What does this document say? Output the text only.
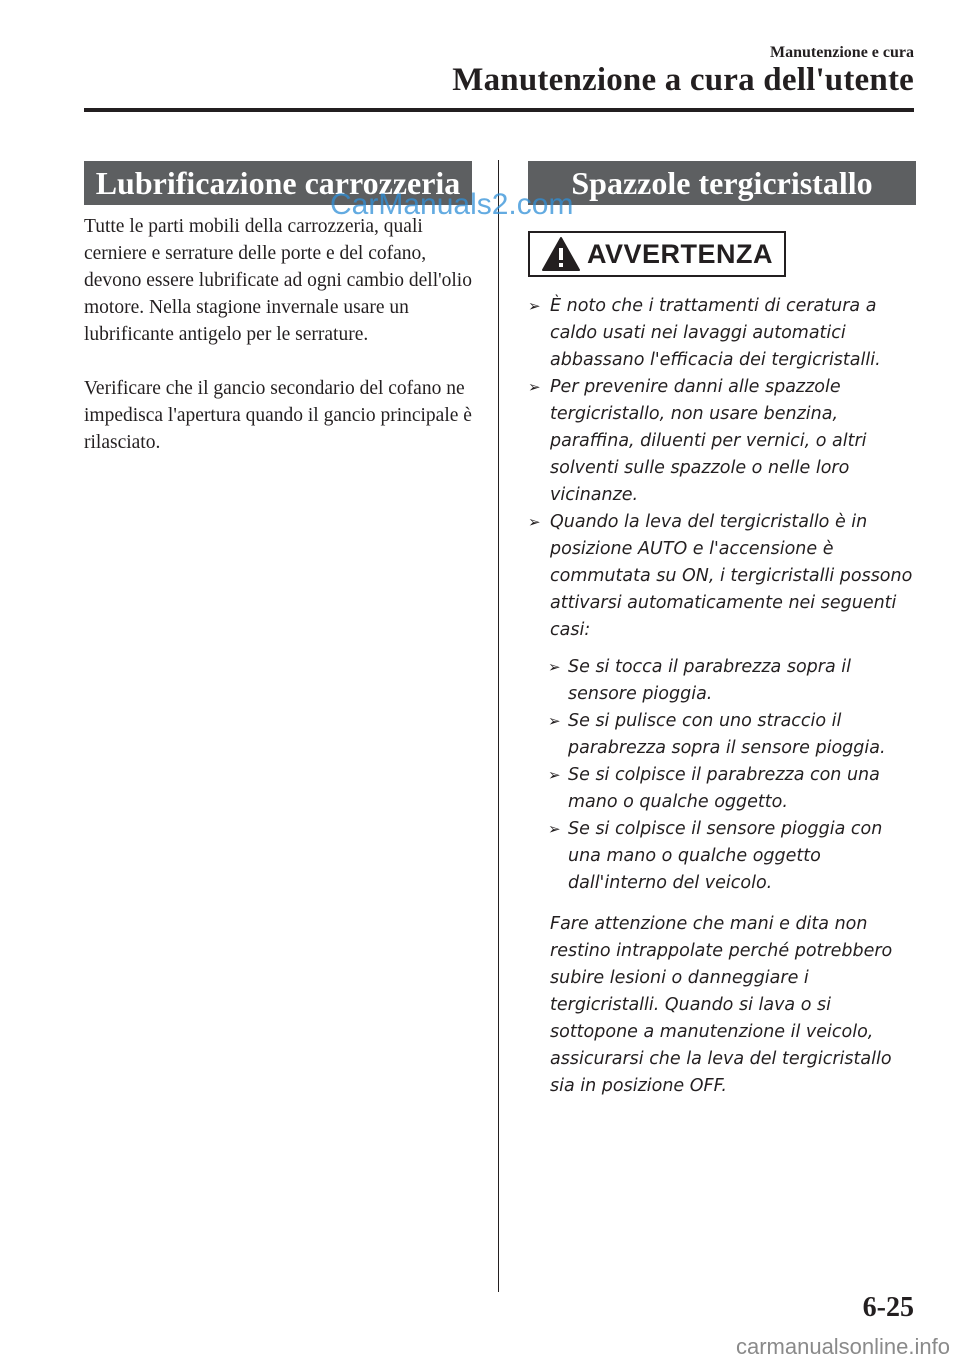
Manutenzione e cura
Manutenzione a cura dell'utente
Lubrificazione carrozzeria	Spazzole tergicristallo
CarManuals2.com

Tutte le parti mobili della carrozzeria, quali cerniere e serrature delle porte e del cofano, devono essere lubrificate ad ogni cambio dell'olio motore. Nella stagione invernale usare un lubrificante antigelo per le serrature.

Verificare che il gancio secondario del cofano ne impedisca l'apertura quando il gancio principale è rilasciato.

AVVERTENZA

➢ È noto che i trattamenti di ceratura a caldo usati nei lavaggi automatici abbassano l'efficacia dei tergicristalli.

➢ Per prevenire danni alle spazzole tergicristallo, non usare benzina, paraffina, diluenti per vernici, o altri solventi sulle spazzole o nelle loro vicinanze.

➢ Quando la leva del tergicristallo è in posizione AUTO e l'accensione è commutata su ON, i tergicristalli possono attivarsi automaticamente nei seguenti casi:

➢ Se si tocca il parabrezza sopra il sensore pioggia.

➢ Se si pulisce con uno straccio il parabrezza sopra il sensore pioggia.

➢ Se si colpisce il parabrezza con una mano o qualche oggetto.

➢ Se si colpisce il sensore pioggia con una mano o qualche oggetto dall'interno del veicolo.

Fare attenzione che mani e dita non restino intrappolate perché potrebbero subire lesioni o danneggiare i tergicristalli. Quando si lava o si sottopone a manutenzione il veicolo, assicurarsi che la leva del tergicristallo sia in posizione OFF.

6-25
carmanualsonline.info
